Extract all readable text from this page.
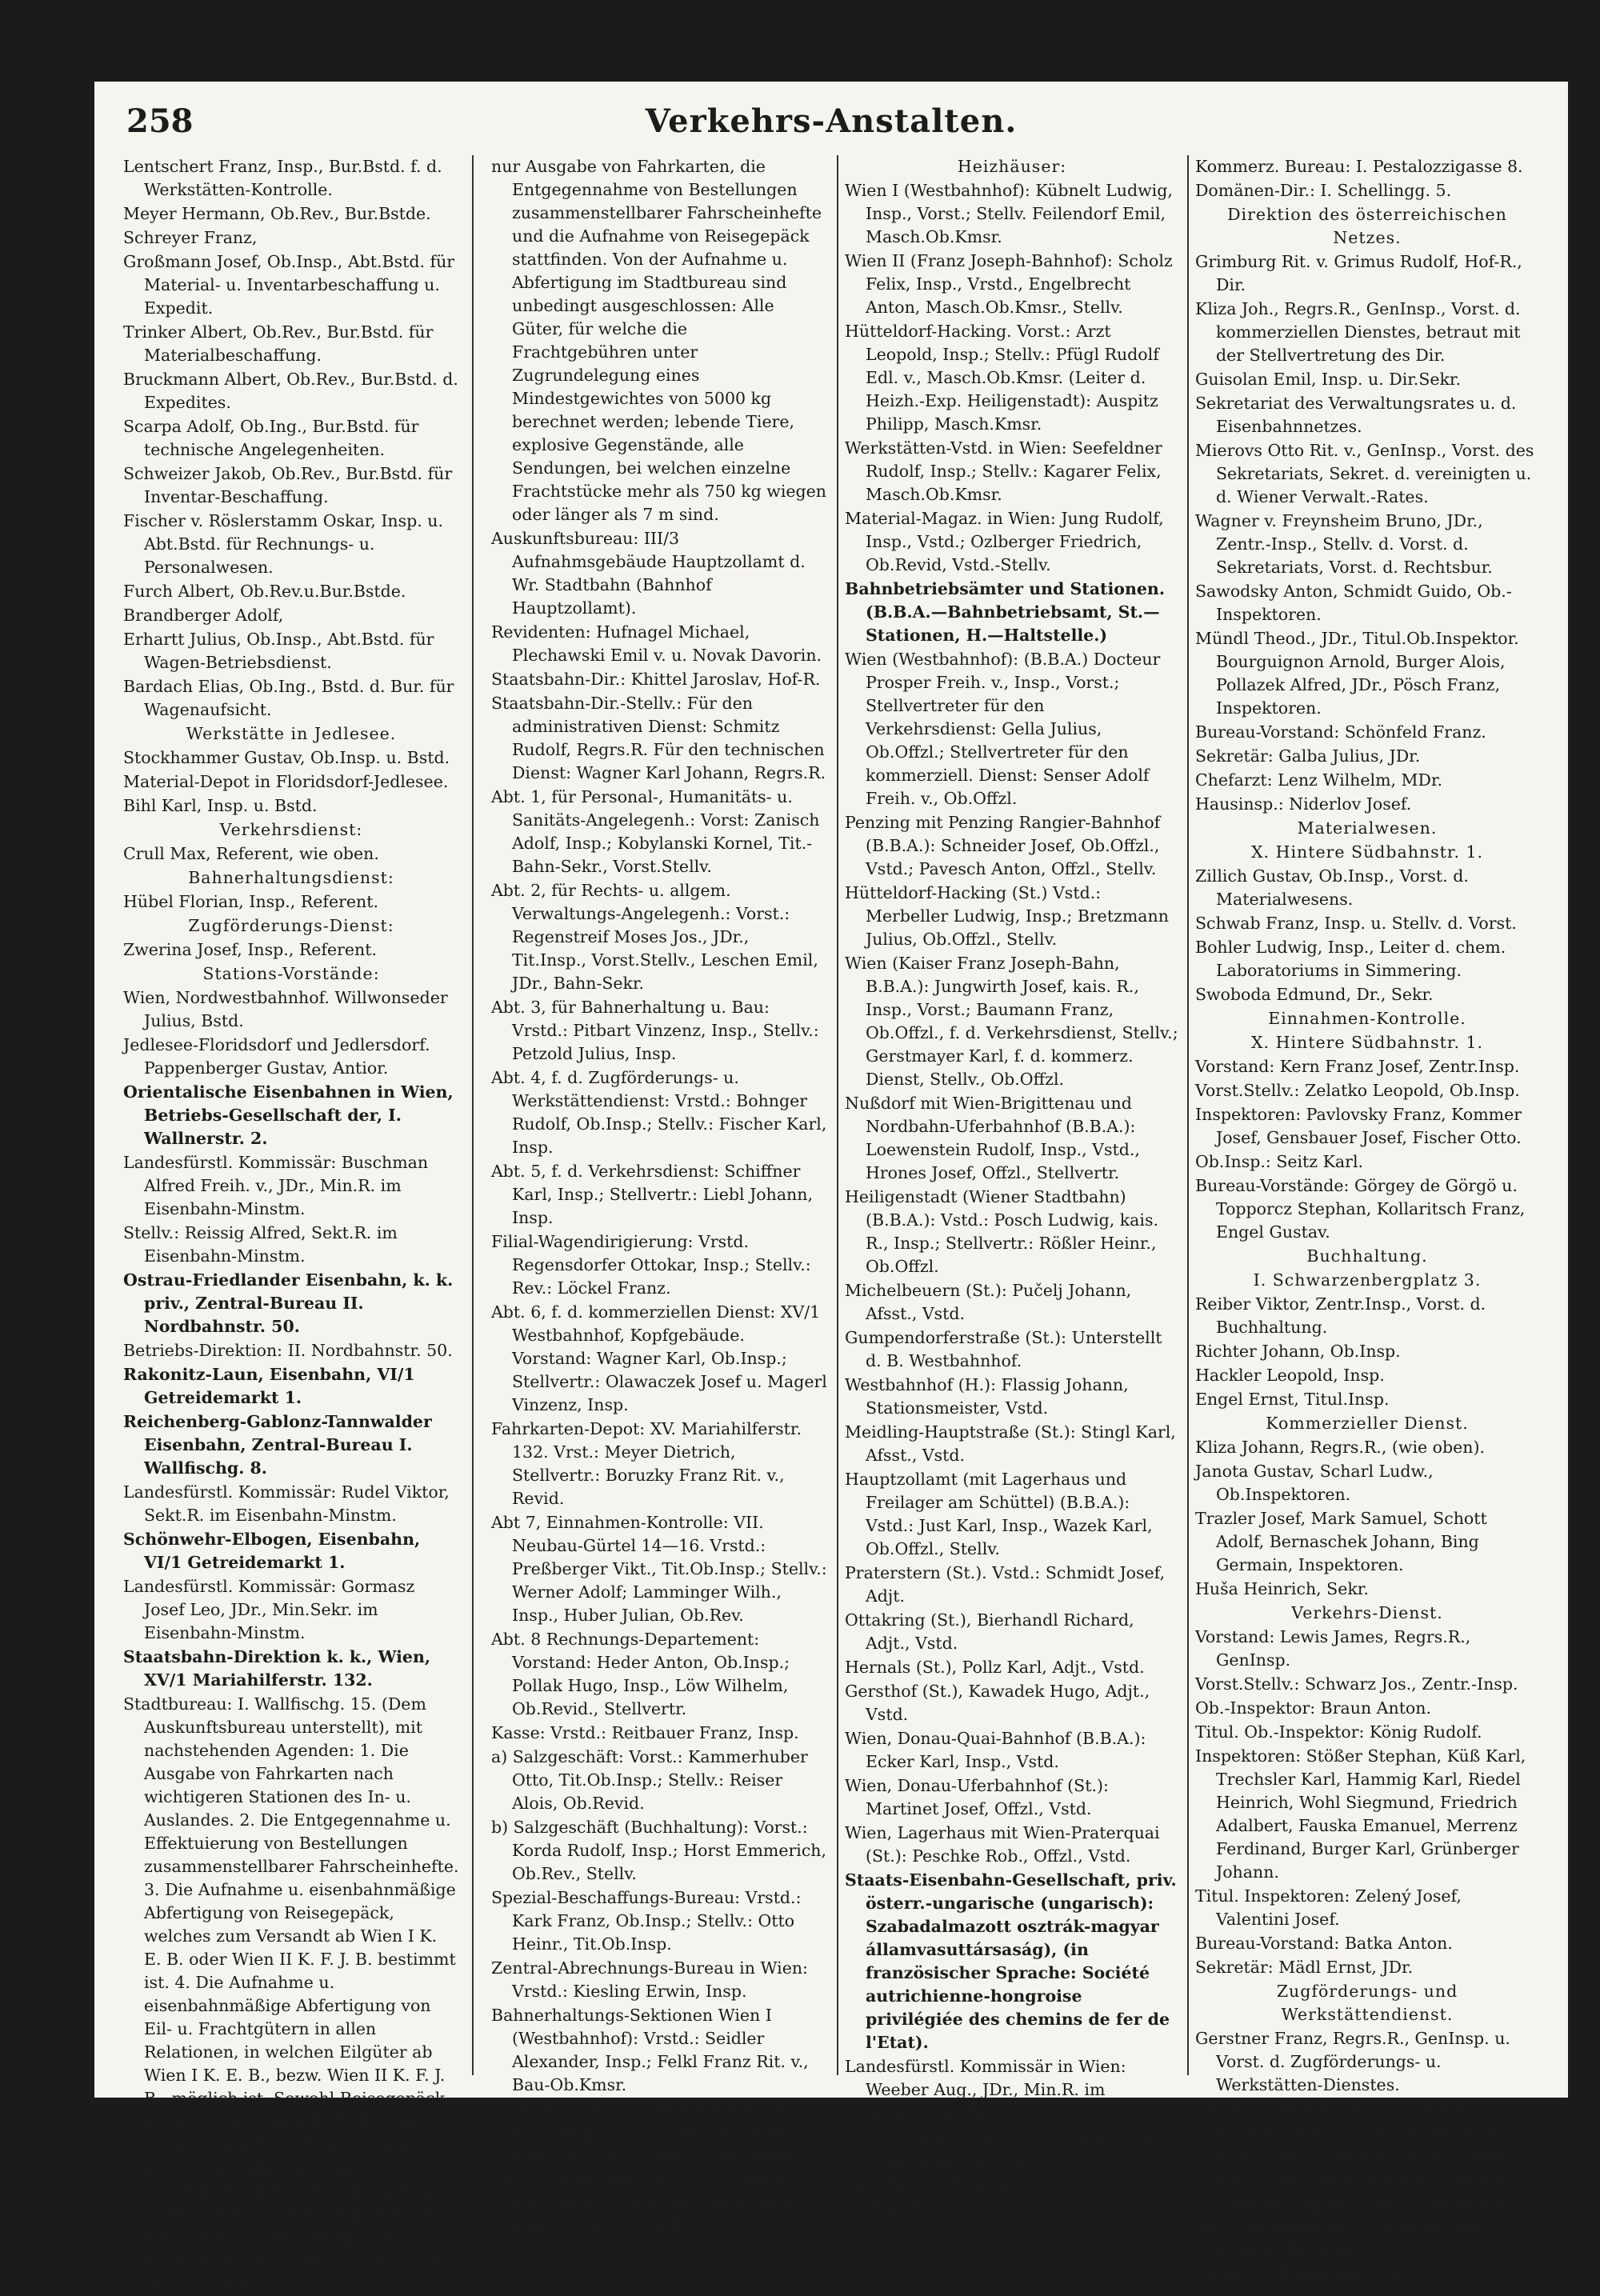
258	Verkehrs-Anstalten.

Lentschert Franz, Insp., Bur.Bstd. f. d. Werkstätten-Kontrolle.

Meyer Hermann, Ob.Rev., Bur.Bstde.

Schreyer Franz,

Großmann Josef, Ob.Insp., Abt.Bstd. für Material- u. Inventarbeschaffung u. Expedit.

Trinker Albert, Ob.Rev., Bur.Bstd. für Materialbeschaffung.

Bruckmann Albert, Ob.Rev., Bur.Bstd. d. Expedites.

Scarpa Adolf, Ob.Ing., Bur.Bstd. für technische Angelegenheiten.

Schweizer Jakob, Ob.Rev., Bur.Bstd. für Inventar-Beschaffung.

Fischer v. Röslerstamm Oskar, Insp. u. Abt.Bstd. für Rechnungs- u. Personalwesen.

Furch Albert, Ob.Rev.u.Bur.Bstde.

Brandberger Adolf,

Erhartt Julius, Ob.Insp., Abt.Bstd. für Wagen-Betriebsdienst.

Bardach Elias, Ob.Ing., Bstd. d. Bur. für Wagenaufsicht.

Werkstätte in Jedlesee.

Stockhammer Gustav, Ob.Insp. u. Bstd.

Material-Depot in Floridsdorf-Jedlesee.

Bihl Karl, Insp. u. Bstd.

Verkehrsdienst:

Crull Max, Referent, wie oben.

Bahnerhaltungsdienst:

Hübel Florian, Insp., Referent.

Zugförderungs-Dienst:

Zwerina Josef, Insp., Referent.

Stations-Vorstände:

Wien, Nordwestbahnhof. Willwonseder Julius, Bstd.

Jedlesee-Floridsdorf und Jedlersdorf. Pappenberger Gustav, Antior.

Orientalische Eisenbahnen in Wien, Betriebs-Gesellschaft der, I. Wallnerstr. 2.

Landesfürstl. Kommissär: Buschman Alfred Freih. v., JDr., Min.R. im Eisenbahn-Minstm.

Stellv.: Reissig Alfred, Sekt.R. im Eisenbahn-Minstm.

Ostrau-Friedlander Eisenbahn, k. k. priv., Zentral-Bureau II. Nordbahnstr. 50.

Betriebs-Direktion: II. Nordbahnstr. 50.

Rakonitz-Laun, Eisenbahn, VI/1 Getreidemarkt 1.

Reichenberg-Gablonz-Tannwalder Eisenbahn, Zentral-Bureau I. Wallfischg. 8.

Landesfürstl. Kommissär: Rudel Viktor, Sekt.R. im Eisenbahn-Minstm.

Schönwehr-Elbogen, Eisenbahn, VI/1 Getreidemarkt 1.

Landesfürstl. Kommissär: Gormasz Josef Leo, JDr., Min.Sekr. im Eisenbahn-Minstm.

Staatsbahn-Direktion k. k., Wien, XV/1 Mariahilferstr. 132.

Stadtbureau: I. Wallfischg. 15. (Dem Auskunftsbureau unterstellt), mit nachstehenden Agenden: 1. Die Ausgabe von Fahrkarten nach wichtigeren Stationen des In- u. Auslandes. 2. Die Entgegennahme u. Effektuierung von Bestellungen zusammenstellbarer Fahrscheinhefte. 3. Die Aufnahme u. eisenbahnmäßige Abfertigung von Reisegepäck, welches zum Versandt ab Wien I K. E. B. oder Wien II K. F. J. B. bestimmt ist. 4. Die Aufnahme u. eisenbahnmäßige Abfertigung von Eil- u. Frachtgütern in allen Relationen, in welchen Eilgüter ab Wien I K. E. B., bezw. Wien II K. F. J. B., möglich ist. Sowohl Reisegepäck als auch Eil- u. Frachtstückgüter werden über Bestellung der Aufgeber aus deren Wohnung oder Geschäftslokal behufs Beförderung, an Wochentagen von 8 Uhr früh bis 6 Uhr abends, abgeholt. An Sonn- u. Feiertagen von 9 Uhr früh bis 12 Uhr mittags wird

nur Ausgabe von Fahrkarten, die Entgegennahme von Bestellungen zusammenstellbarer Fahrscheinhefte und die Aufnahme von Reisegepäck stattfinden. Von der Aufnahme u. Abfertigung im Stadtbureau sind unbedingt ausgeschlossen: Alle Güter, für welche die Frachtgebühren unter Zugrundelegung eines Mindestgewichtes von 5000 kg berechnet werden; lebende Tiere, explosive Gegenstände, alle Sendungen, bei welchen einzelne Frachtstücke mehr als 750 kg wiegen oder länger als 7 m sind.

Auskunftsbureau: III/3 Aufnahmsgebäude Hauptzollamt d. Wr. Stadtbahn (Bahnhof Hauptzollamt).

Revidenten: Hufnagel Michael, Plechawski Emil v. u. Novak Davorin.

Staatsbahn-Dir.: Khittel Jaroslav, Hof-R.

Staatsbahn-Dir.-Stellv.: Für den administrativen Dienst: Schmitz Rudolf, Regrs.R. Für den technischen Dienst: Wagner Karl Johann, Regrs.R.

Abt. 1, für Personal-, Humanitäts- u. Sanitäts-Angelegenh.: Vorst: Zanisch Adolf, Insp.; Kobylanski Kornel, Tit.-Bahn-Sekr., Vorst.Stellv.

Abt. 2, für Rechts- u. allgem. Verwaltungs-Angelegenh.: Vorst.: Regenstreif Moses Jos., JDr., Tit.Insp., Vorst.Stellv., Leschen Emil, JDr., Bahn-Sekr.

Abt. 3, für Bahnerhaltung u. Bau: Vrstd.: Pitbart Vinzenz, Insp., Stellv.: Petzold Julius, Insp.

Abt. 4, f. d. Zugförderungs- u. Werkstättendienst: Vrstd.: Bohnger Rudolf, Ob.Insp.; Stellv.: Fischer Karl, Insp.

Abt. 5, f. d. Verkehrsdienst: Schiffner Karl, Insp.; Stellvertr.: Liebl Johann, Insp.

Filial-Wagendirigierung: Vrstd. Regensdorfer Ottokar, Insp.; Stellv.: Rev.: Löckel Franz.

Abt. 6, f. d. kommerziellen Dienst: XV/1 Westbahnhof, Kopfgebäude. Vorstand: Wagner Karl, Ob.Insp.; Stellvertr.: Olawaczek Josef u. Magerl Vinzenz, Insp.

Fahrkarten-Depot: XV. Mariahilferstr. 132. Vrst.: Meyer Dietrich, Stellvertr.: Boruzky Franz Rit. v., Revid.

Abt 7, Einnahmen-Kontrolle: VII. Neubau-Gürtel 14—16. Vrstd.: Preßberger Vikt., Tit.Ob.Insp.; Stellv.: Werner Adolf; Lamminger Wilh., Insp., Huber Julian, Ob.Rev.

Abt. 8 Rechnungs-Departement: Vorstand: Heder Anton, Ob.Insp.; Pollak Hugo, Insp., Löw Wilhelm, Ob.Revid., Stellvertr.

Kasse: Vrstd.: Reitbauer Franz, Insp.

a) Salzgeschäft: Vorst.: Kammerhuber Otto, Tit.Ob.Insp.; Stellv.: Reiser Alois, Ob.Revid.

b) Salzgeschäft (Buchhaltung): Vorst.: Korda Rudolf, Insp.; Horst Emmerich, Ob.Rev., Stellv.

Spezial-Beschaffungs-Bureau: Vrstd.: Kark Franz, Ob.Insp.; Stellv.: Otto Heinr., Tit.Ob.Insp.

Zentral-Abrechnungs-Bureau in Wien: Vrstd.: Kiesling Erwin, Insp.

Bahnerhaltungs-Sektionen Wien I (Westbahnhof): Vrstd.: Seidler Alexander, Insp.; Felkl Franz Rit. v., Bau-Ob.Kmsr.

Wien II (Franz Joseph-Bahnhof): Zitta Karl, Insp., Vrstd.; Lederer Oskar Freih. v., Bau-Ob.Kmsr., Stellvertr.

III (XV. Mariahilferstr. 132): Klauda Karl, Insp., Vrstd.; Grobben Franz, Bau-Ob.Kmsr., Stellv.

Heizhäuser:

Wien I (Westbahnhof): Kübnelt Ludwig, Insp., Vorst.; Stellv. Feilendorf Emil, Masch.Ob.Kmsr.

Wien II (Franz Joseph-Bahnhof): Scholz Felix, Insp., Vrstd., Engelbrecht Anton, Masch.Ob.Kmsr., Stellv.

Hütteldorf-Hacking. Vorst.: Arzt Leopold, Insp.; Stellv.: Pfügl Rudolf Edl. v., Masch.Ob.Kmsr. (Leiter d. Heizh.-Exp. Heiligenstadt): Auspitz Philipp, Masch.Kmsr.

Werkstätten-Vstd. in Wien: Seefeldner Rudolf, Insp.; Stellv.: Kagarer Felix, Masch.Ob.Kmsr.

Material-Magaz. in Wien: Jung Rudolf, Insp., Vstd.; Ozlberger Friedrich, Ob.Revid, Vstd.-Stellv.

Bahnbetriebsämter und Stationen. (B.B.A.—Bahnbetriebsamt, St.—Stationen, H.—Haltstelle.)

Wien (Westbahnhof): (B.B.A.) Docteur Prosper Freih. v., Insp., Vorst.; Stellvertreter für den Verkehrsdienst: Gella Julius, Ob.Offzl.; Stellvertreter für den kommerziell. Dienst: Senser Adolf Freih. v., Ob.Offzl.

Penzing mit Penzing Rangier-Bahnhof (B.B.A.): Schneider Josef, Ob.Offzl., Vstd.; Pavesch Anton, Offzl., Stellv.

Hütteldorf-Hacking (St.) Vstd.: Merbeller Ludwig, Insp.; Bretzmann Julius, Ob.Offzl., Stellv.

Wien (Kaiser Franz Joseph-Bahn, B.B.A.): Jungwirth Josef, kais. R., Insp., Vorst.; Baumann Franz, Ob.Offzl., f. d. Verkehrsdienst, Stellv.; Gerstmayer Karl, f. d. kommerz. Dienst, Stellv., Ob.Offzl.

Nußdorf mit Wien-Brigittenau und Nordbahn-Uferbahnhof (B.B.A.): Loewenstein Rudolf, Insp., Vstd., Hrones Josef, Offzl., Stellvertr.

Heiligenstadt (Wiener Stadtbahn) (B.B.A.): Vstd.: Posch Ludwig, kais. R., Insp.; Stellvertr.: Rößler Heinr., Ob.Offzl.

Michelbeuern (St.): Pučelj Johann, Afsst., Vstd.

Gumpendorferstraße (St.): Unterstellt d. B. Westbahnhof.

Westbahnhof (H.): Flassig Johann, Stationsmeister, Vstd.

Meidling-Hauptstraße (St.): Stingl Karl, Afsst., Vstd.

Hauptzollamt (mit Lagerhaus und Freilager am Schüttel) (B.B.A.): Vstd.: Just Karl, Insp., Wazek Karl, Ob.Offzl., Stellv.

Praterstern (St.). Vstd.: Schmidt Josef, Adjt.

Ottakring (St.), Bierhandl Richard, Adjt., Vstd.

Hernals (St.), Pollz Karl, Adjt., Vstd.

Gersthof (St.), Kawadek Hugo, Adjt., Vstd.

Wien, Donau-Quai-Bahnhof (B.B.A.): Ecker Karl, Insp., Vstd.

Wien, Donau-Uferbahnhof (St.): Martinet Josef, Offzl., Vstd.

Wien, Lagerhaus mit Wien-Praterquai (St.): Peschke Rob., Offzl., Vstd.

Staats-Eisenbahn-Gesellschaft, priv. österr.-ungarische (ungarisch): Szabadalmazott osztrák-magyar államvasuttársaság), (in französischer Sprache: Société autrichienne-hongroise privilégiée des chemins de fer de l'Etat).

Landesfürstl. Kommissär in Wien: Weeber Aug., JDr., Min.R. im Eisenbahn-Minstm.

Stellv.: Gaber Hans, JDr., Min.Sekr. im Eisenbahn-Minstm.

Direktion: I. Schwarzenbergplatz 3 (Hauptkasse).

Kommerz. Bureau: I. Pestalozzigasse 8.

Domänen-Dir.: I. Schellingg. 5.

Direktion des österreichischen Netzes.

Grimburg Rit. v. Grimus Rudolf, Hof-R., Dir.

Kliza Joh., Regrs.R., GenInsp., Vorst. d. kommerziellen Dienstes, betraut mit der Stellvertretung des Dir.

Guisolan Emil, Insp. u. Dir.Sekr.

Sekretariat des Verwaltungsrates u. d. Eisenbahnnetzes.

Mierovs Otto Rit. v., GenInsp., Vorst. des Sekretariats, Sekret. d. vereinigten u. d. Wiener Verwalt.-Rates.

Wagner v. Freynsheim Bruno, JDr., Zentr.-Insp., Stellv. d. Vorst. d. Sekretariats, Vorst. d. Rechtsbur.

Sawodsky Anton, Schmidt Guido, Ob.-Inspektoren.

Mündl Theod., JDr., Titul.Ob.Inspektor. Bourguignon Arnold, Burger Alois, Pollazek Alfred, JDr., Pösch Franz, Inspektoren.

Bureau-Vorstand: Schönfeld Franz.

Sekretär: Galba Julius, JDr.

Chefarzt: Lenz Wilhelm, MDr.

Hausinsp.: Niderlov Josef.

Materialwesen.

X. Hintere Südbahnstr. 1.

Zillich Gustav, Ob.Insp., Vorst. d. Materialwesens.

Schwab Franz, Insp. u. Stellv. d. Vorst.

Bohler Ludwig, Insp., Leiter d. chem. Laboratoriums in Simmering.

Swoboda Edmund, Dr., Sekr.

Einnahmen-Kontrolle.

X. Hintere Südbahnstr. 1.

Vorstand: Kern Franz Josef, Zentr.Insp.

Vorst.Stellv.: Zelatko Leopold, Ob.Insp.

Inspektoren: Pavlovsky Franz, Kommer Josef, Gensbauer Josef, Fischer Otto.

Ob.Insp.: Seitz Karl.

Bureau-Vorstände: Görgey de Görgö u. Topporcz Stephan, Kollaritsch Franz, Engel Gustav.

Buchhaltung.

I. Schwarzenbergplatz 3.

Reiber Viktor, Zentr.Insp., Vorst. d. Buchhaltung.

Richter Johann, Ob.Insp.

Hackler Leopold, Insp.

Engel Ernst, Titul.Insp.

Kommerzieller Dienst.

Kliza Johann, Regrs.R., (wie oben).

Janota Gustav, Scharl Ludw., Ob.Inspektoren.

Trazler Josef, Mark Samuel, Schott Adolf, Bernaschek Johann, Bing Germain, Inspektoren.

Huša Heinrich, Sekr.

Verkehrs-Dienst.

Vorstand: Lewis James, Regrs.R., GenInsp.

Vorst.Stellv.: Schwarz Jos., Zentr.-Insp.

Ob.-Inspektor: Braun Anton.

Titul. Ob.-Inspektor: König Rudolf.

Inspektoren: Stößer Stephan, Küß Karl, Trechsler Karl, Hammig Karl, Riedel Heinrich, Wohl Siegmund, Friedrich Adalbert, Fauska Emanuel, Merrenz Ferdinand, Burger Karl, Grünberger Johann.

Titul. Inspektoren: Zelený Josef, Valentini Josef.

Bureau-Vorstand: Batka Anton.

Sekretär: Mädl Ernst, JDr.

Zugförderungs- und Werkstättendienst.

Gerstner Franz, Regrs.R., GenInsp. u. Vorst. d. Zugförderungs- u. Werkstätten-Dienstes.

Ob.-Inspektoren: Morstadt Raphael, Wyskočil Karl, Mudra Franz, Holitsch Alois, Kazda Ottokar, Musy Johann.

Inspektoren: Otto Konstantin, Schulz Vinzenz, Kappes Karl, Kunz Anton.

Titul.-Inspektoren: Maurer Michael, Brbanić Bogdan.

Sekretär: Neumann Gustav.
